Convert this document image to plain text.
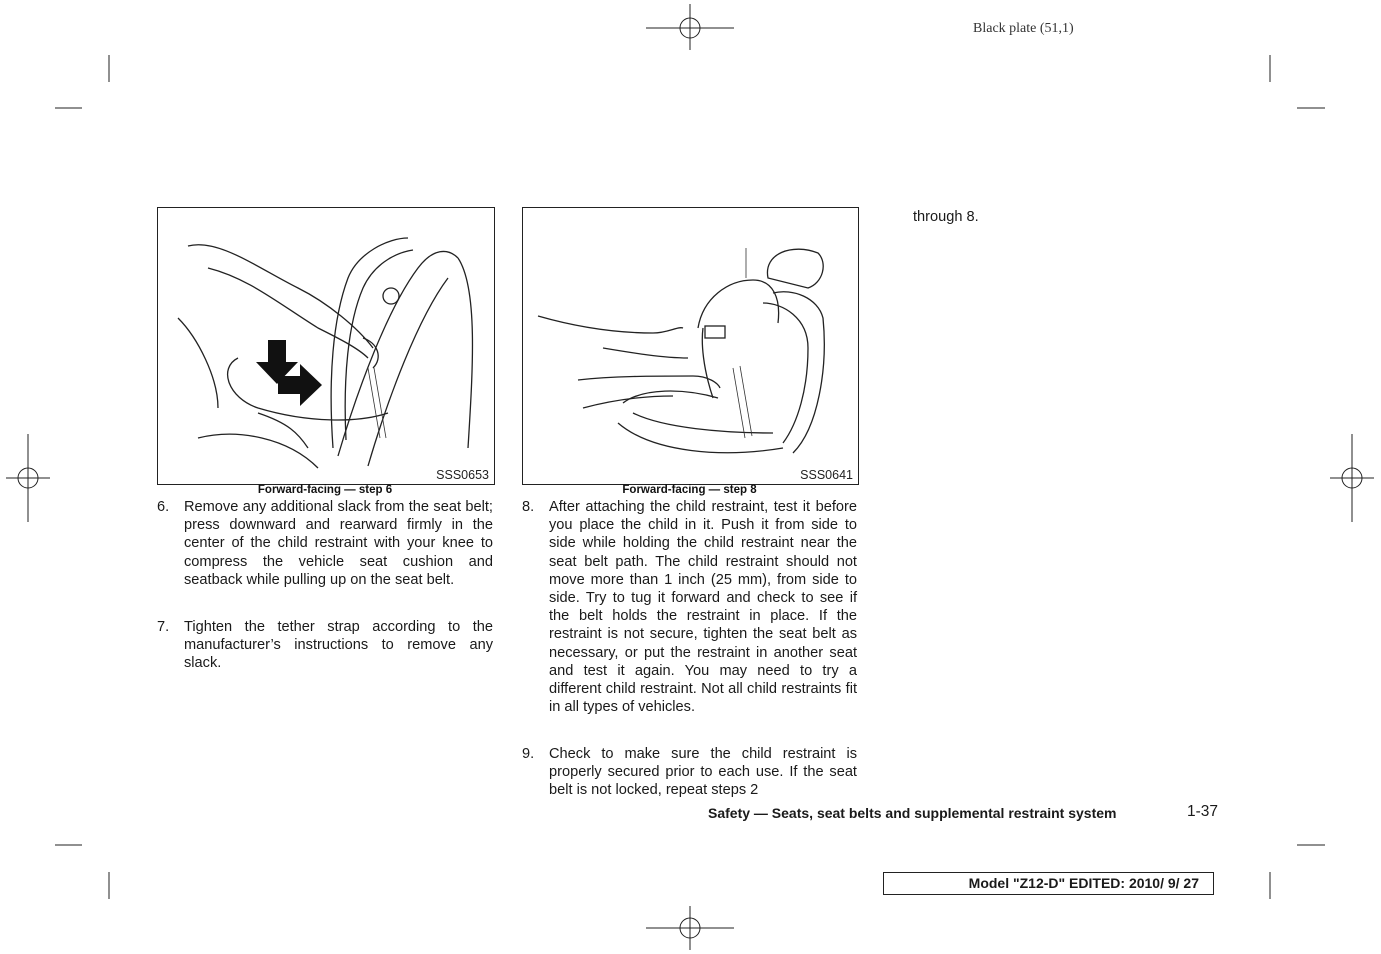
Black plate (51,1)
SSS0653
Forward-facing — step 6
SSS0641
Forward-facing — step 8
6. Remove any additional slack from the seat belt; press downward and rearward firmly in the center of the child restraint with your knee to compress the vehicle seat cushion and seatback while pulling up on the seat belt.
7. Tighten the tether strap according to the manufacturer’s instructions to remove any slack.
8. After attaching the child restraint, test it before you place the child in it. Push it from side to side while holding the child restraint near the seat belt path. The child restraint should not move more than 1 inch (25 mm), from side to side. Try to tug it forward and check to see if the belt holds the restraint in place. If the restraint is not secure, tighten the seat belt as necessary, or put the restraint in another seat and test it again. You may need to try a different child restraint. Not all child restraints fit in all types of vehicles.
9. Check to make sure the child restraint is properly secured prior to each use. If the seat belt is not locked, repeat steps 2
through 8.
Safety — Seats, seat belts and supplemental restraint system	1-37
Model "Z12-D" EDITED: 2010/ 9/ 27
